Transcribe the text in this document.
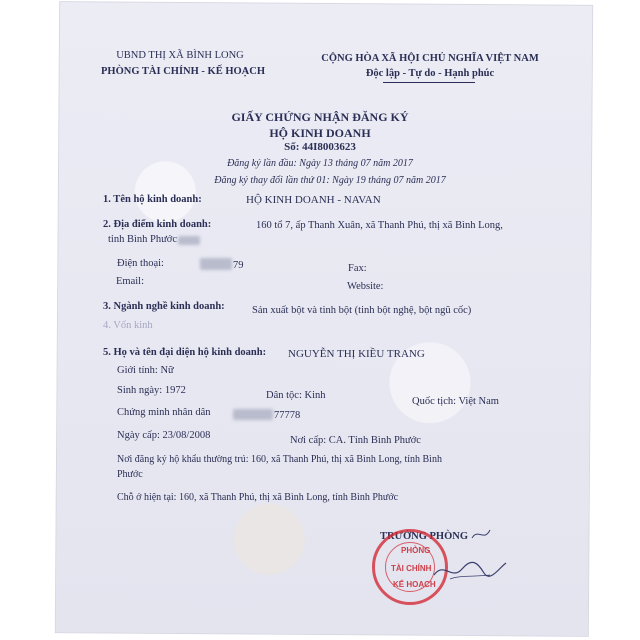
UBND THỊ XÃ BÌNH LONG
PHÒNG TÀI CHÍNH - KẾ HOẠCH
CỘNG HÒA XÃ HỘI CHỦ NGHĨA VIỆT NAM
Độc lập - Tự do - Hạnh phúc
GIẤY CHỨNG NHẬN ĐĂNG KÝ
HỘ KINH DOANH
Số: 44I8003623
Đăng ký lần đầu: Ngày 13 tháng 07 năm 2017
Đăng ký thay đổi lần thứ 01: Ngày 19 tháng 07 năm 2017
1. Tên hộ kinh doanh:	HỘ KINH DOANH - NAVAN
2. Địa điểm kinh doanh:	160 tổ 7, ấp Thanh Xuân, xã Thanh Phú, thị xã Bình Long,
tỉnh Bình Phước
Điện thoại:	79	Fax:
Email:	Website:
3. Ngành nghề kinh doanh:	Sản xuất bột và tinh bột (tinh bột nghệ, bột ngũ cốc)
4. Vốn kinh
5. Họ và tên đại diện hộ kinh doanh: NGUYỄN THỊ KIỀU TRANG
Giới tính: Nữ
Sinh ngày: 1972	Dân tộc: Kinh
Quốc tịch: Việt Nam
Chứng minh nhân dân	77778
Ngày cấp: 23/08/2008	Nơi cấp: CA. Tỉnh Bình Phước
Nơi đăng ký hộ khẩu thường trú: 160, xã Thanh Phú, thị xã Bình Long, tỉnh Bình
Phước
Chỗ ở hiện tại: 160, xã Thanh Phú, thị xã Bình Long, tỉnh Bình Phước
TRƯỞNG PHÒNG
PHÒNG
TÀI CHÍNH
KẾ HOẠCH
